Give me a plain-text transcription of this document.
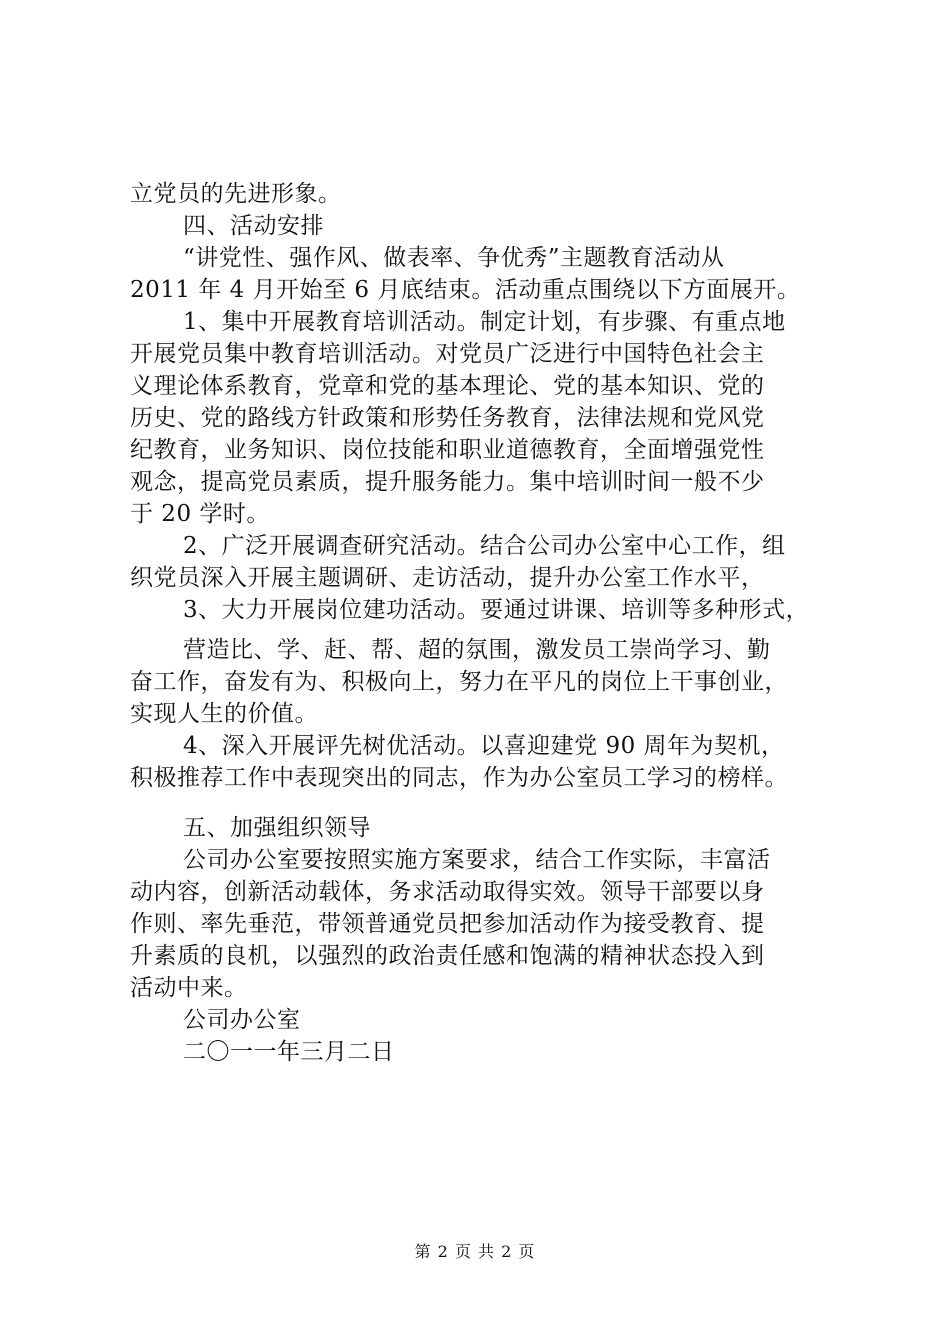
立党员的先进形象。
四、活动安排
“讲党性、强作风、做表率、争优秀”主题教育活动从
2011 年 4 月开始至 6 月底结束。活动重点围绕以下方面展开。
1、集中开展教育培训活动。制定计划，有步骤、有重点地
开展党员集中教育培训活动。对党员广泛进行中国特色社会主
义理论体系教育，党章和党的基本理论、党的基本知识、党的
历史、党的路线方针政策和形势任务教育，法律法规和党风党
纪教育，业务知识、岗位技能和职业道德教育，全面增强党性
观念，提高党员素质，提升服务能力。集中培训时间一般不少
于 20 学时。
2、广泛开展调查研究活动。结合公司办公室中心工作，组
织党员深入开展主题调研、走访活动，提升办公室工作水平，
3、大力开展岗位建功活动。要通过讲课、培训等多种形式，
营造比、学、赶、帮、超的氛围，激发员工崇尚学习、勤
奋工作，奋发有为、积极向上，努力在平凡的岗位上干事创业，
实现人生的价值。
4、深入开展评先树优活动。以喜迎建党 90 周年为契机，
积极推荐工作中表现突出的同志，作为办公室员工学习的榜样。
五、加强组织领导
公司办公室要按照实施方案要求，结合工作实际，丰富活
动内容，创新活动载体，务求活动取得实效。领导干部要以身
作则、率先垂范，带领普通党员把参加活动作为接受教育、提
升素质的良机，以强烈的政治责任感和饱满的精神状态投入到
活动中来。
公司办公室
二〇一一年三月二日
第 2 页 共 2 页
